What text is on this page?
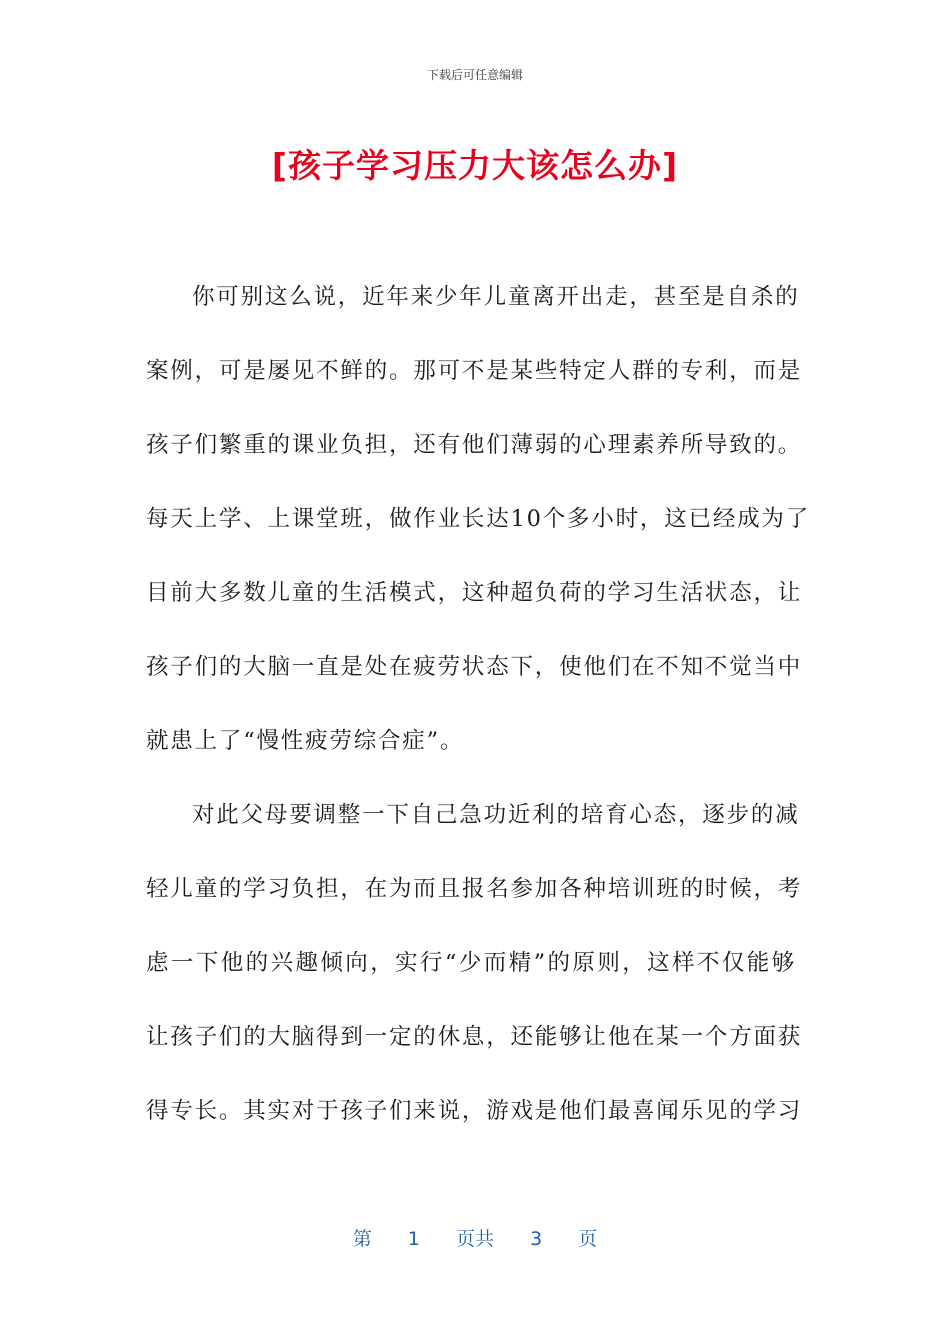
下载后可任意编辑
[孩子学习压力大该怎么办]
你可别这么说，近年来少年儿童离开出走，甚至是自杀的
案例，可是屡见不鲜的。那可不是某些特定人群的专利，而是
孩子们繁重的课业负担，还有他们薄弱的心理素养所导致的。
每天上学、上课堂班，做作业长达10个多小时，这已经成为了
目前大多数儿童的生活模式，这种超负荷的学习生活状态，让
孩子们的大脑一直是处在疲劳状态下，使他们在不知不觉当中
就患上了“慢性疲劳综合症”。
对此父母要调整一下自己急功近利的培育心态，逐步的减
轻儿童的学习负担，在为而且报名参加各种培训班的时候，考
虑一下他的兴趣倾向，实行“少而精”的原则，这样不仅能够
让孩子们的大脑得到一定的休息，还能够让他在某一个方面获
得专长。其实对于孩子们来说，游戏是他们最喜闻乐见的学习
第 1 页共 3 页
